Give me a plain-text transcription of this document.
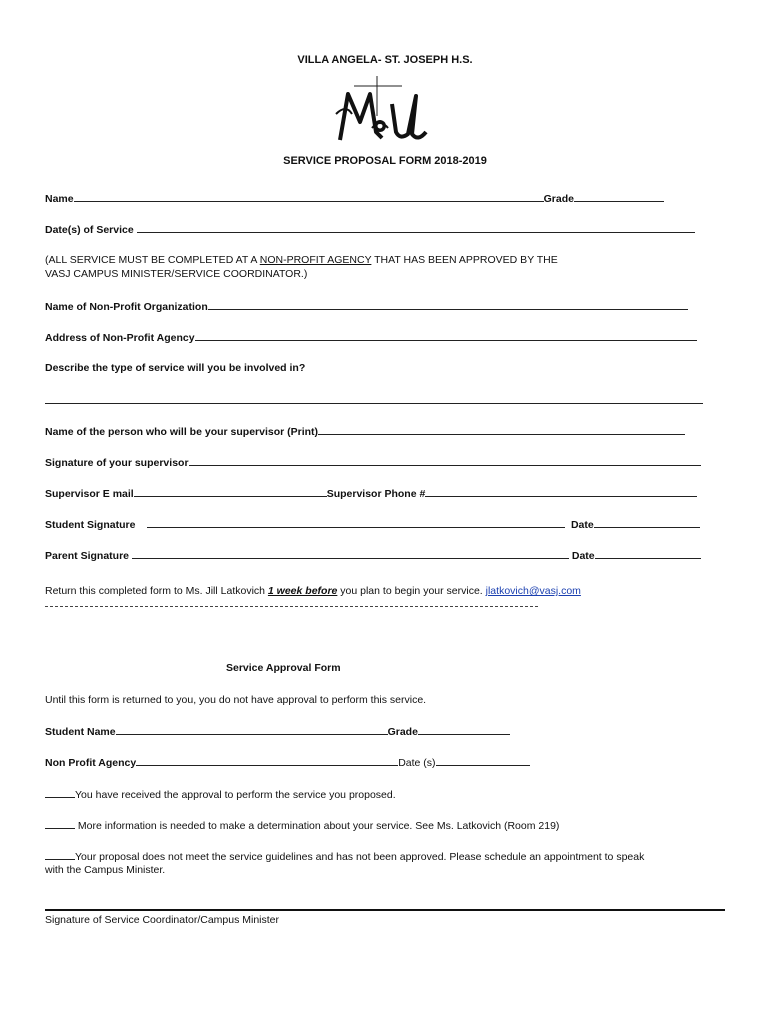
VILLA ANGELA- ST. JOSEPH H.S.
SERVICE PROPOSAL FORM 2018-2019
Name	Grade
Date(s) of Service
(ALL SERVICE MUST BE COMPLETED AT A NON-PROFIT AGENCY THAT HAS BEEN APPROVED BY THE
VASJ CAMPUS MINISTER/SERVICE COORDINATOR.)
Name of Non-Profit Organization
Address of Non-Profit Agency
Describe the type of service will you be involved in?
Name of the person who will be your supervisor (Print)
Signature of your supervisor
Supervisor E mail	Supervisor Phone #
Student Signature	Date
Parent Signature	Date
Return this completed form to Ms. Jill Latkovich 1 week before you plan to begin your service. jlatkovich@vasj.com
Service Approval Form
Until this form is returned to you, you do not have approval to perform this service.
Student Name	Grade
Non Profit Agency	Date (s)
You have received the approval to perform the service you proposed.
More information is needed to make a determination about your service. See Ms. Latkovich (Room 219)
Your proposal does not meet the service guidelines and has not been approved. Please schedule an appointment to speak
with the Campus Minister.
Signature of Service Coordinator/Campus Minister
